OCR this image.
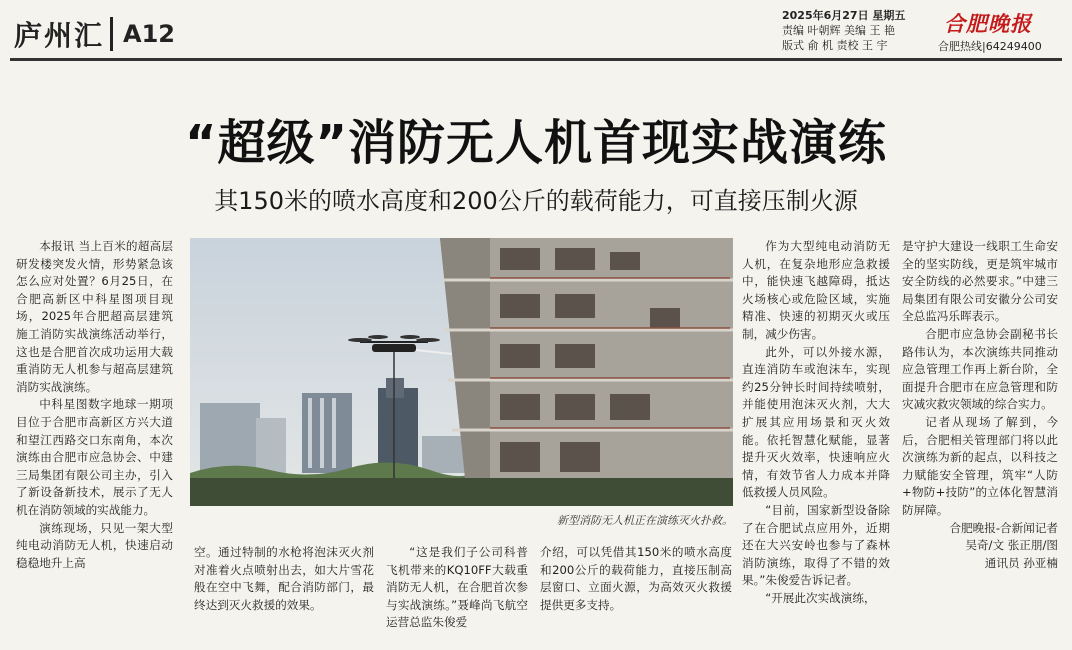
庐州汇 A12
2025年6月27日 星期五
责编 叶朝辉 美编 王 艳
版式 俞 机 责校 王 宇
合肥晚报
合肥热线|64249400
“超级”消防无人机首现实战演练
其150米的喷水高度和200公斤的载荷能力，可直接压制火源

本报讯 当上百米的超高层研发楼突发火情，形势紧急该怎么应对处置？6月25日，在合肥高新区中科星图项目现场，2025年合肥超高层建筑施工消防实战演练活动举行，这也是合肥首次成功运用大载重消防无人机参与超高层建筑消防实战演练。

中科星图数字地球一期项目位于合肥市高新区方兴大道和望江西路交口东南角，本次演练由合肥市应急协会、中建三局集团有限公司主办，引入了新设备新技术，展示了无人机在消防领域的实战能力。

演练现场，只见一架大型纯电动消防无人机，快速启动稳稳地升上高

新型消防无人机正在演练灭火扑救。

空。通过特制的水枪将泡沫灭火剂对准着火点喷射出去，如大片雪花般在空中飞舞，配合消防部门，最终达到灭火救援的效果。

“这是我们子公司科普飞机带来的KQ10FF大载重消防无人机，在合肥首次参与实战演练。”聂峰尚飞航空运营总监朱俊爱

介绍，可以凭借其150米的喷水高度和200公斤的载荷能力，直接压制高层窗口、立面火源，为高效灭火救援提供更多支持。

作为大型纯电动消防无人机，在复杂地形应急救援中，能快速飞越障碍，抵达火场核心或危险区域，实施精准、快速的初期灭火或压制，减少伤害。

此外，可以外接水源，直连消防车或泡沫车，实现约25分钟长时间持续喷射，并能使用泡沫灭火剂，大大扩展其应用场景和灭火效能。依托智慧化赋能，显著提升灭火效率，快速响应火情，有效节省人力成本并降低救援人员风险。

“目前，国家新型设备除了在合肥试点应用外，近期还在大兴安岭也参与了森林消防演练，取得了不错的效果。”朱俊爱告诉记者。

“开展此次实战演练，

是守护大建设一线职工生命安全的坚实防线，更是筑牢城市安全防线的必然要求。”中建三局集团有限公司安徽分公司安全总监冯乐晖表示。

合肥市应急协会副秘书长路伟认为，本次演练共同推动应急管理工作再上新台阶，全面提升合肥市在应急管理和防灾减灾救灾领域的综合实力。

记者从现场了解到，今后，合肥相关管理部门将以此次演练为新的起点，以科技之力赋能安全管理，筑牢“人防+物防+技防”的立体化智慧消防屏障。

合肥晚报-合新闻记者

吴奇/文 张正朋/图

通讯员 孙亚楠
